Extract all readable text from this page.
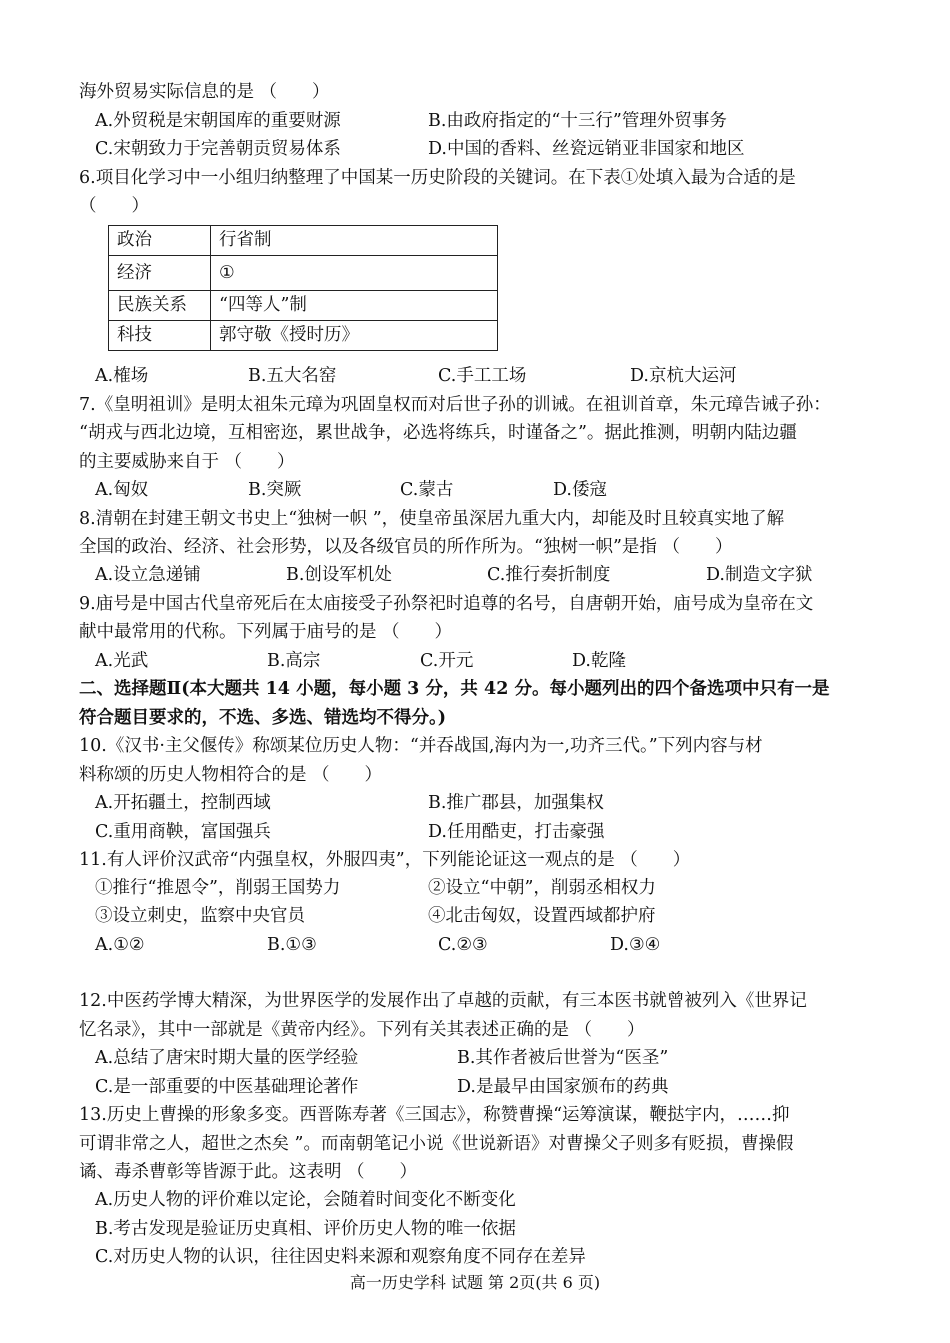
海外贸易实际信息的是 （　　）
A.外贸税是宋朝国库的重要财源	B.由政府指定的“十三行”管理外贸事务
C.宋朝致力于完善朝贡贸易体系	D.中国的香料、丝瓷远销亚非国家和地区
6.项目化学习中一小组归纳整理了中国某一历史阶段的关键词。在下表①处填入最为合适的是
（　　）
政治	行省制
经济	①
民族关系	“四等人”制
科技	郭守敬《授时历》
A.榷场	B.五大名窑	C.手工工场	D.京杭大运河
7.《皇明祖训》是明太祖朱元璋为巩固皇权而对后世子孙的训诫。在祖训首章，朱元璋告诫子孙：
“胡戎与西北边境，互相密迩，累世战争，必选将练兵，时谨备之”。据此推测，明朝内陆边疆
的主要威胁来自于 （　　）
A.匈奴	B.突厥	C.蒙古	D.倭寇
8.清朝在封建王朝文书史上“独树一帜 ”，使皇帝虽深居九重大内，却能及时且较真实地了解
全国的政治、经济、社会形势，以及各级官员的所作所为。“独树一帜”是指 （　　）
A.设立急递铺	B.创设军机处	C.推行奏折制度	D.制造文字狱
9.庙号是中国古代皇帝死后在太庙接受子孙祭祀时追尊的名号，自唐朝开始，庙号成为皇帝在文
献中最常用的代称。下列属于庙号的是 （　　）
A.光武	B.高宗	C.开元	D.乾隆
二、选择题Ⅱ(本大题共 14 小题，每小题 3 分，共 42 分。每小题列出的四个备选项中只有一是
符合题目要求的，不选、多选、错选均不得分。)
10.《汉书·主父偃传》称颂某位历史人物：“并吞战国,海内为一,功齐三代。”下列内容与材
料称颂的历史人物相符合的是 （　　）
A.开拓疆土，控制西域	B.推广郡县，加强集权
C.重用商鞅，富国强兵	D.任用酷吏，打击豪强
11.有人评价汉武帝“内强皇权，外服四夷”，下列能论证这一观点的是 （　　）
①推行“推恩令”，削弱王国势力	②设立“中朝”，削弱丞相权力
③设立刺史，监察中央官员	④北击匈奴，设置西域都护府
A.①②	B.①③	C.②③	D.③④
12.中医药学博大精深，为世界医学的发展作出了卓越的贡献，有三本医书就曾被列入《世界记
忆名录》，其中一部就是《黄帝内经》。下列有关其表述正确的是 （　　）
A.总结了唐宋时期大量的医学经验	B.其作者被后世誉为“医圣”
C.是一部重要的中医基础理论著作	D.是最早由国家颁布的药典
13.历史上曹操的形象多变。西晋陈寿著《三国志》，称赞曹操“运筹演谋，鞭挞宇内，……抑
可谓非常之人，超世之杰矣 ”。而南朝笔记小说《世说新语》对曹操父子则多有贬损，曹操假
谲、毒杀曹彰等皆源于此。这表明 （　　）
A.历史人物的评价难以定论，会随着时间变化不断变化
B.考古发现是验证历史真相、评价历史人物的唯一依据
C.对历史人物的认识，往往因史料来源和观察角度不同存在差异
高一历史学科 试题 第 2页(共 6 页)
